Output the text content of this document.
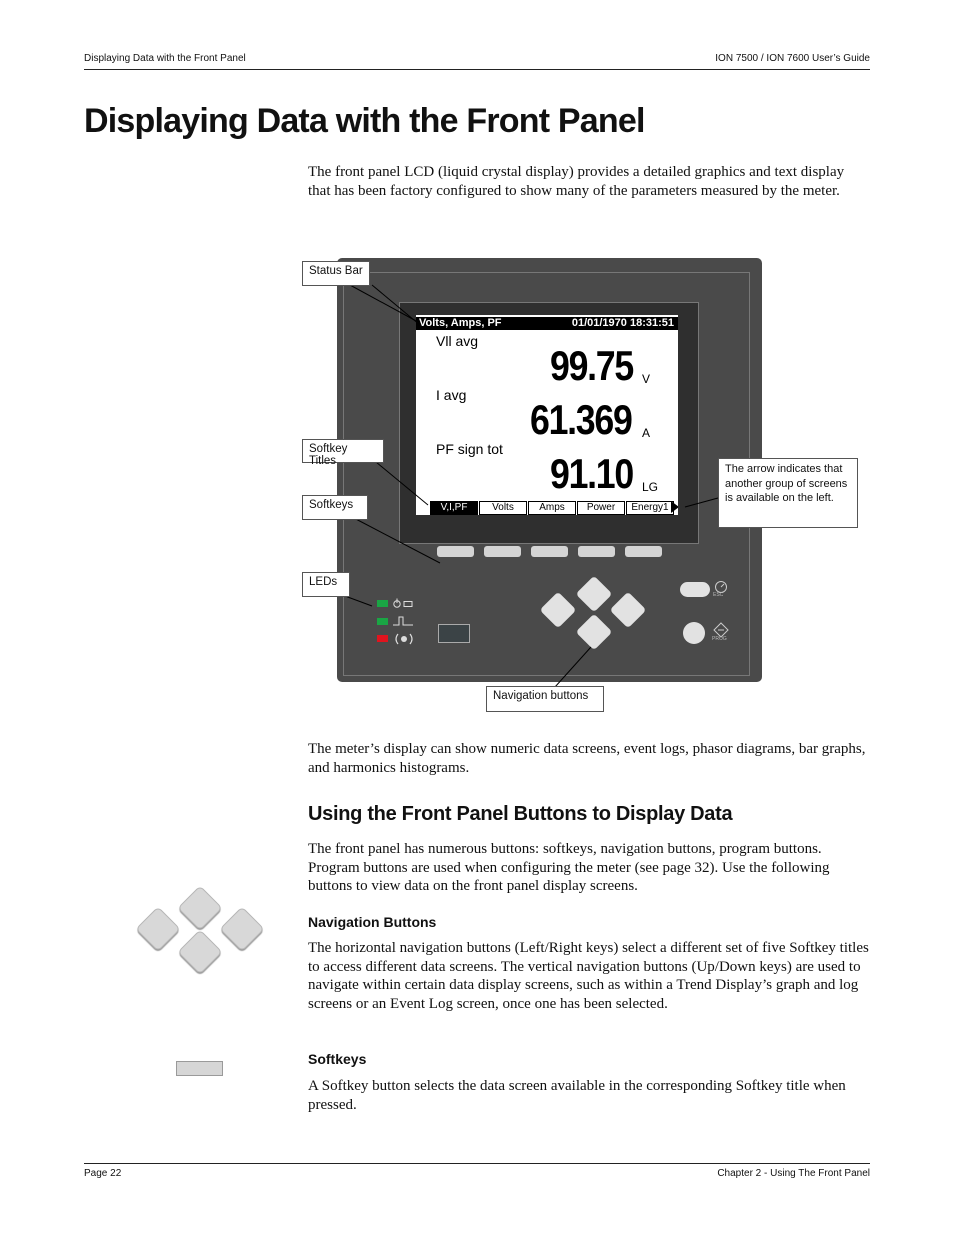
Displaying Data with the Front Panel	ION 7500 / ION 7600 User’s Guide
Displaying Data with the Front Panel

The front panel LCD (liquid crystal display) provides a detailed graphics and text display that has been factory configured to show many of the parameters measured by the meter.

Volts, Amps, PF	01/01/1970 18:31:51
Vll avg
99.75 V
I avg
61.369 A
PF sign tot
91.10 LG
V,I,PF	Volts	Amps	Power	Energy1
ESC
PROG
Status Bar
Softkey Titles
Softkeys
LEDs
Navigation buttons
The arrow indicates that another group of screens is available on the left.

The meter’s display can show numeric data screens, event logs, phasor diagrams, bar graphs, and harmonics histograms.

Using the Front Panel Buttons to Display Data

The front panel has numerous buttons: softkeys, navigation buttons, program buttons. Program buttons are used when configuring the meter (see page 32). Use the following buttons to view data on the front panel display screens.

Navigation Buttons

The horizontal navigation buttons (Left/Right keys) select a different set of five Softkey titles to access different data screens. The vertical navigation buttons (Up/Down keys) are used to navigate within certain data display screens, such as within a Trend Display’s graph and log screens or an Event Log screen, once one has been selected.

Softkeys

A Softkey button selects the data screen available in the corresponding Softkey title when pressed.

Page 22	Chapter 2 - Using The Front Panel
